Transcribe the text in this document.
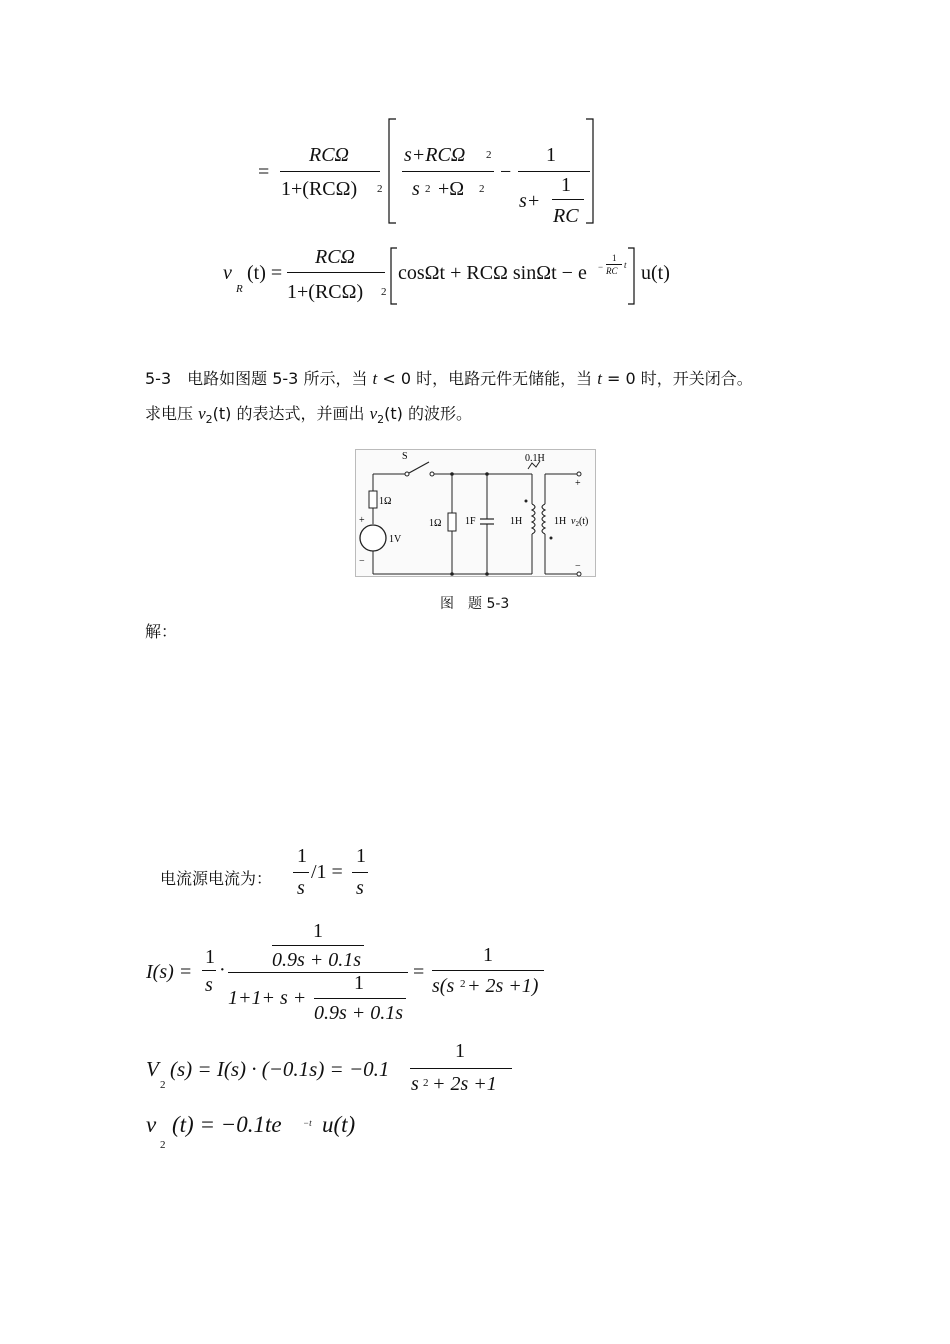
=
RCΩ
1+(RCΩ) 2
s+RCΩ 2
s 2 +Ω 2
−
1
s+
1
RC
v
R
(t) =
RCΩ
1+(RCΩ) 2
cosΩt + RCΩ sinΩt − e −
1
RC
t u(t)
5-3　电路如图题 5-3 所示，当 t < 0 时，电路元件无储能，当 t = 0 时，开关闭合。
求电压 $v_2(t)$ 的表达式，并画出 $v_2(t)$ 的波形。
S
1Ω
+
1V
−
1Ω 1F	1H	1H
0.1H
+
−
$v_2(t)$
图　题 5-3
解：
电流源电流为：
1
s
/1 =
1
s
I(s) =
1
s
·
1
0.9s + 0.1s
1+1+ s +
1
0.9s + 0.1s
=
1
s(s 2 + 2s +1)
V
2
(s) = I(s) · (−0.1s) = −0.1
1
s 2 + 2s +1
v
2
(t) = −0.1te −t u(t)
